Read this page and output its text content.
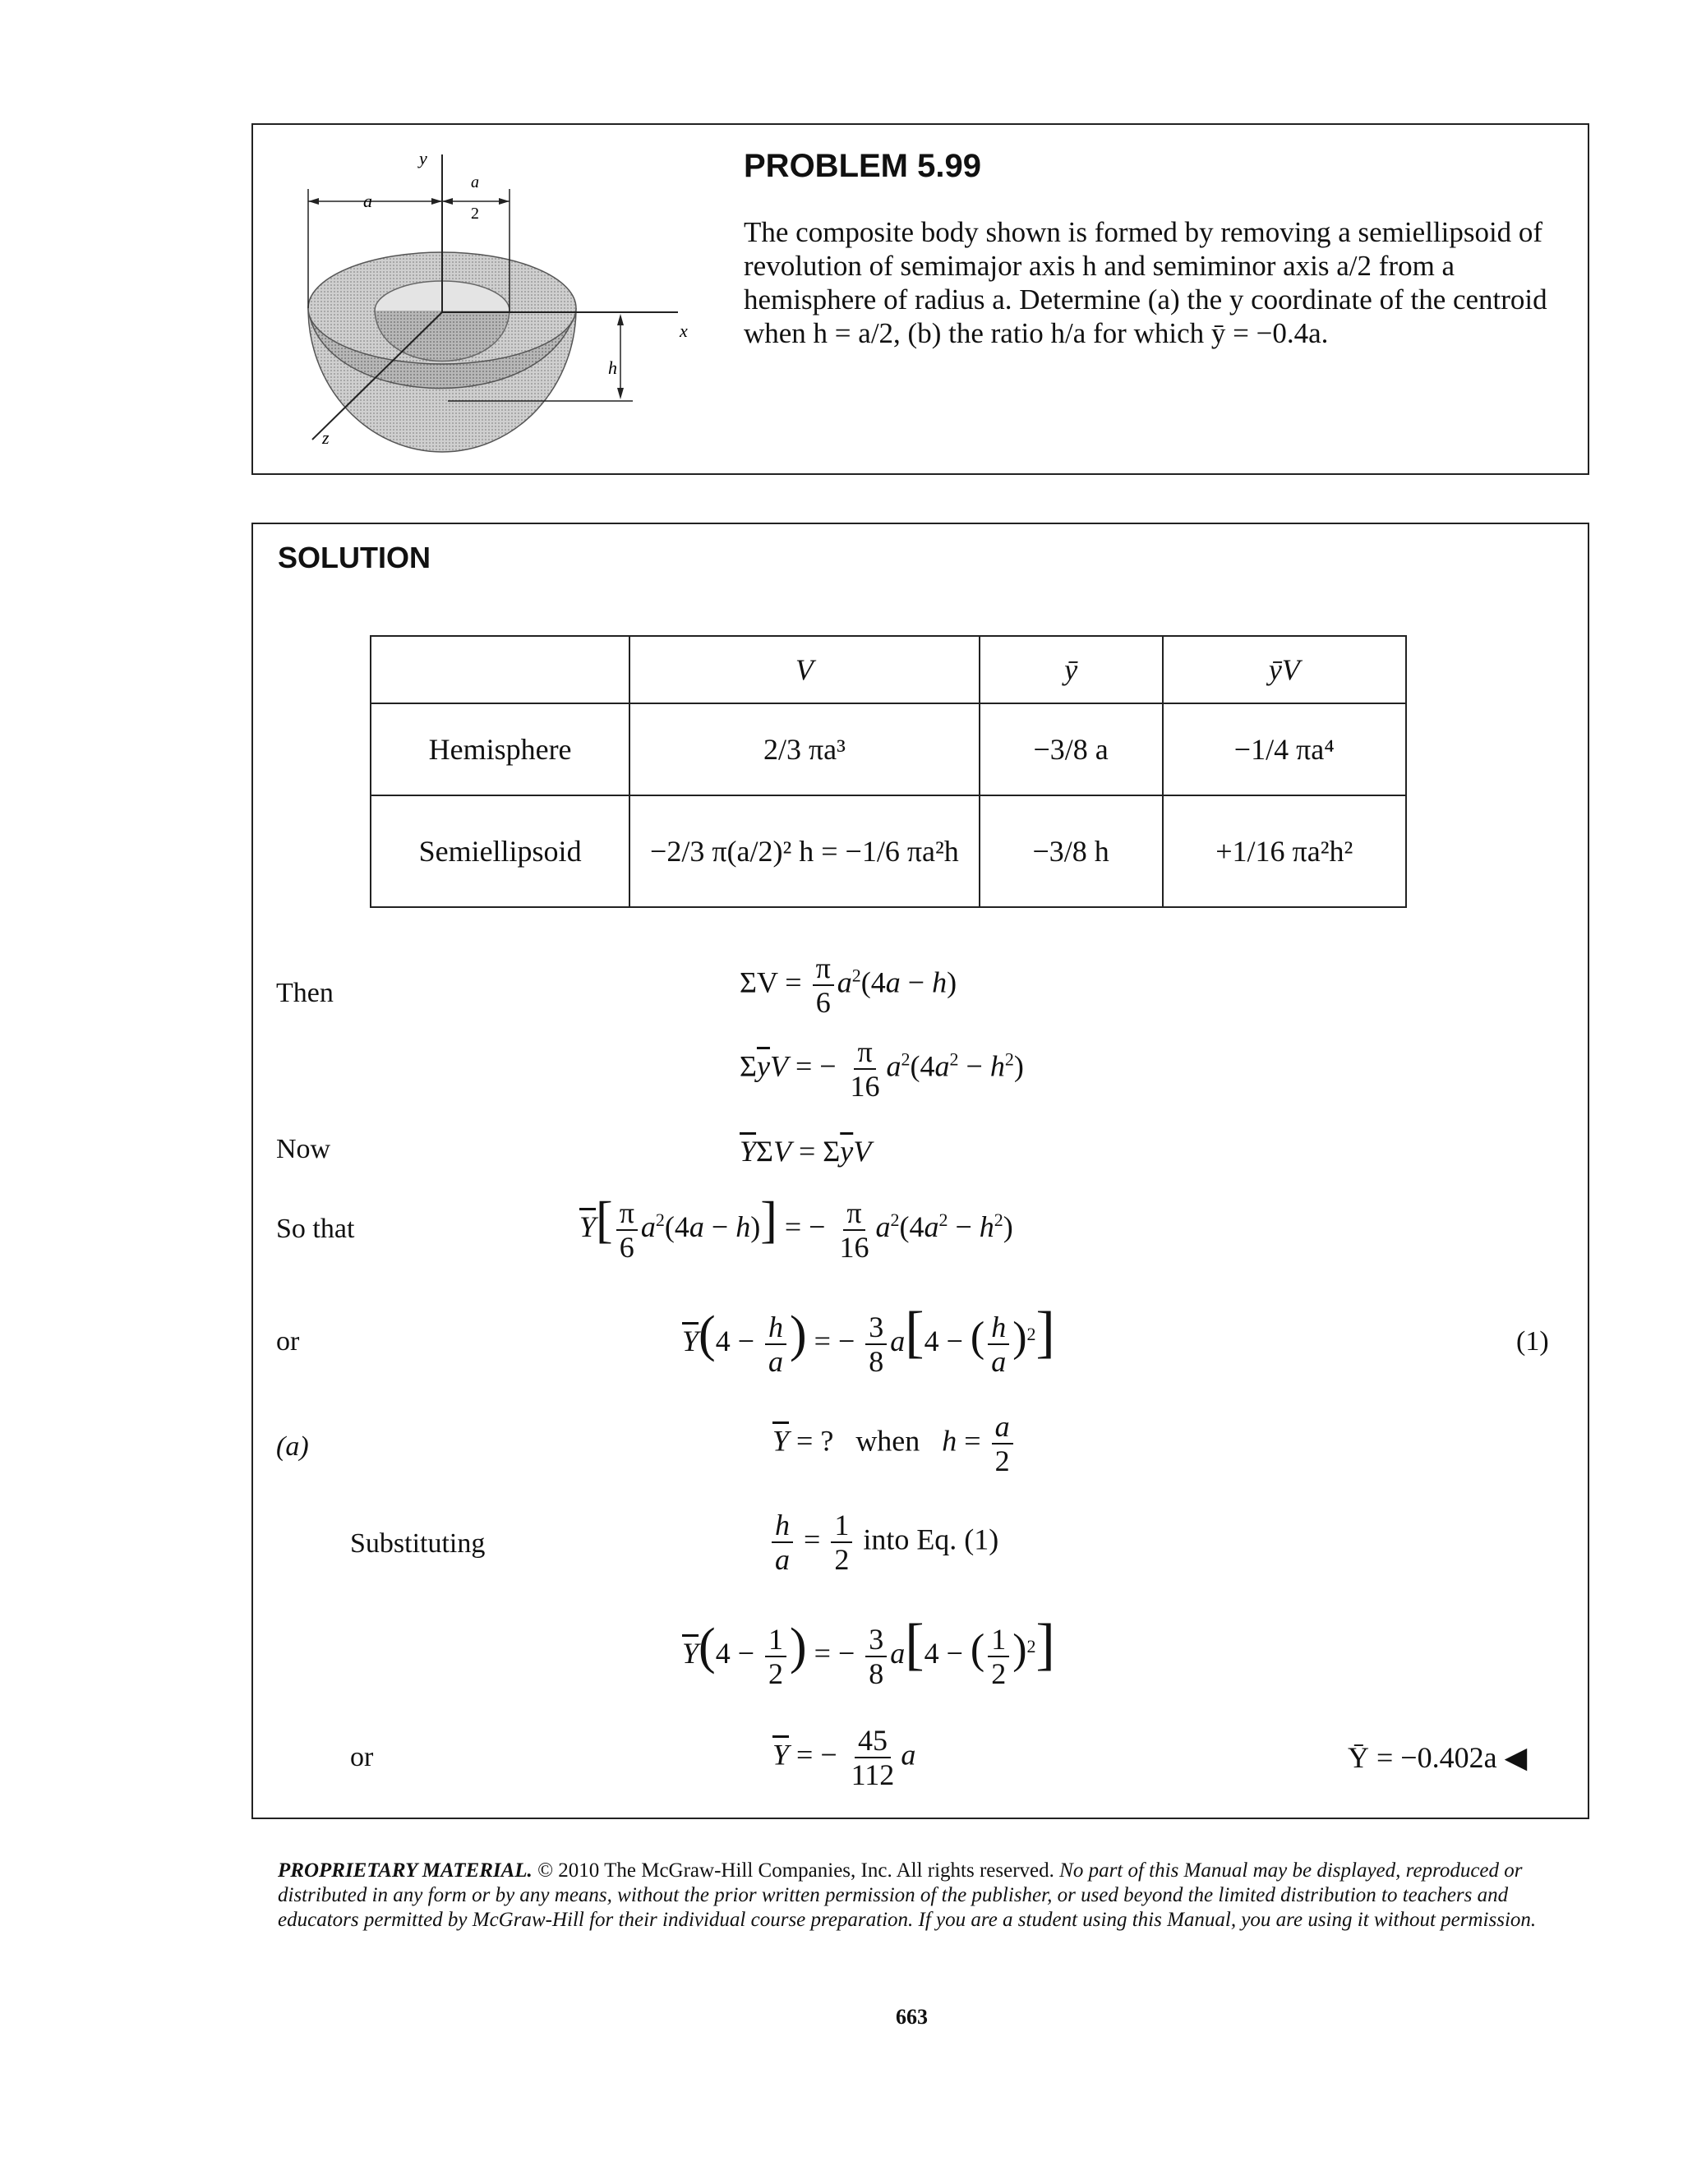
y
a
a
2
x
h
z
PROBLEM 5.99
The composite body shown is formed by removing a semiellipsoid of
revolution of semimajor axis h and semiminor axis a/2 from a
hemisphere of radius a. Determine (a) the y coordinate of the centroid
when h = a/2, (b) the ratio h/a for which ȳ = −0.4a.
SOLUTION
	V	ȳ	ȳV
Hemisphere	2/3 πa³	−3/8 a	−1/4 πa⁴
Semiellipsoid	−2/3 π(a/2)² h = −1/6 πa²h	−3/8 h	+1/16 πa²h²
Then
Now
So that
or
(a)
Substituting
or
(1)
$\Sigma V = \frac{\pi}{6} a^2(4a - h)$
$\Sigma\overline{y}V$ = − $\frac{\pi}{16} a^2(4a^2 - h^2)$
$\overline{Y}\Sigma V = \Sigma\overline{y}V$
$\overline{Y}[ \frac{\pi}{6} a^2(4a - h)]$ = − $\frac{\pi}{16} a^2(4a^2 - h^2)$
$\overline{Y}(4 - \frac{h}{a}$ ) = − $\frac{3}{8} a[4$ − ( $\frac{h}{a} )^2$]
$\overline{Y}$ = ?   when $h = \frac{a}{2}$
$\frac{h}{a} = \frac{1}{2}$ into Eq. (1)
$\overline{Y}(4 - \frac{1}{2}$ ) = − $\frac{3}{8} a[4$ − ( $\frac{1}{2} )^2$]
$\overline{Y}$ = − $\frac{45}{112}$ a	Ȳ = −0.402a ◀
PROPRIETARY MATERIAL. © 2010 The McGraw-Hill Companies, Inc. All rights reserved. No part of this Manual may be displayed, reproduced or distributed in any form or by any means, without the prior written permission of the publisher, or used beyond the limited distribution to teachers and educators permitted by McGraw-Hill for their individual course preparation. If you are a student using this Manual, you are using it without permission.
663
